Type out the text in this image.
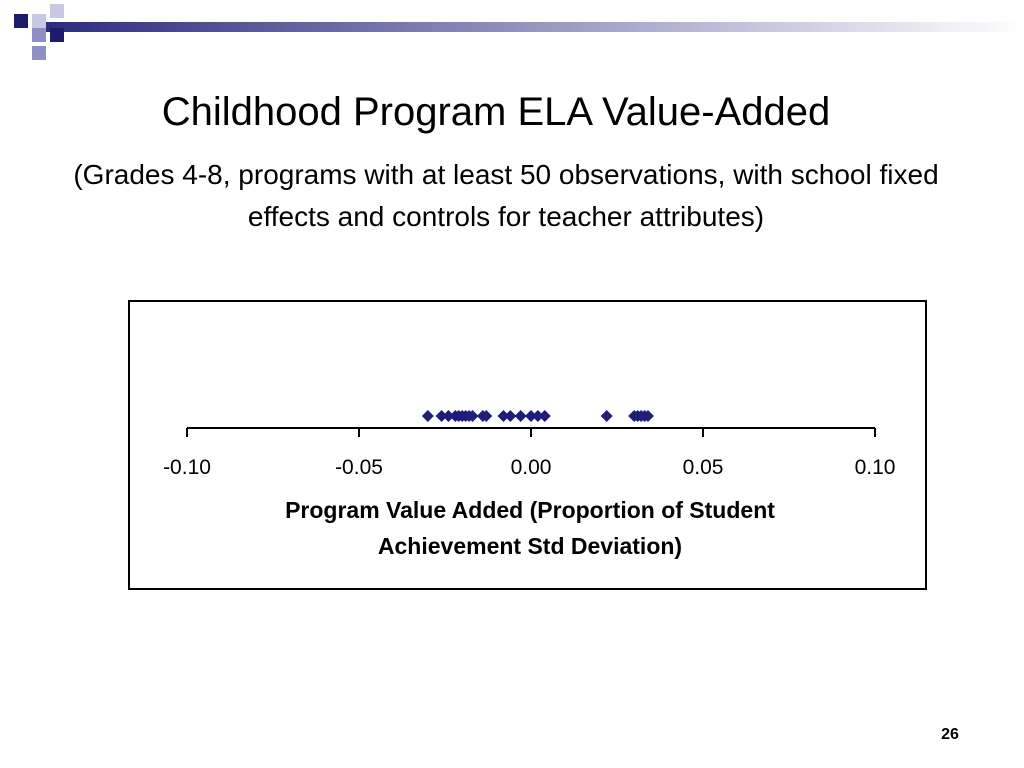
Childhood Program ELA Value-Added

(Grades 4-8, programs with at least 50 observations, with school fixed effects and controls for teacher attributes)

-0.10	-0.05	0.00	0.05	0.10
Program Value Added (Proportion of Student
Achievement Std Deviation)
26
